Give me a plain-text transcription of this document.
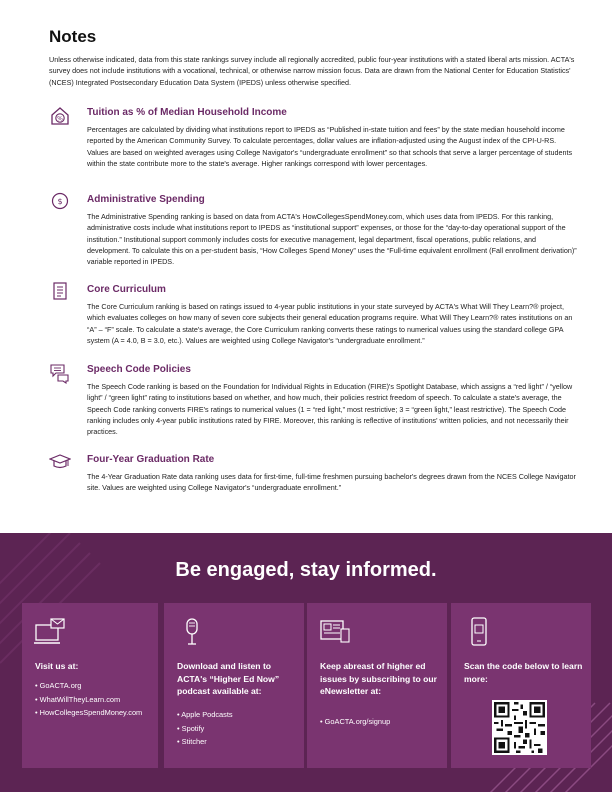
Notes

Unless otherwise indicated, data from this state rankings survey include all regionally accredited, public four-year institutions with a stated liberal arts mission. ACTA's survey does not include institutions with a vocational, technical, or otherwise narrow mission focus. Data are drawn from the National Center for Education Statistics' (NCES) Integrated Postsecondary Education Data System (IPEDS) unless otherwise specified.

%
Tuition as % of Median Household Income

Percentages are calculated by dividing what institutions report to IPEDS as “Published in-state tuition and fees” by the state median household income reported by the American Community Survey. To calculate percentages, dollar values are inflation-adjusted using the August index of the CPI-U-RS. Values are based on weighted averages using College Navigator's “undergraduate enrollment” so that schools that serve a larger percentage of students within the state contribute more to the state's average. Higher rankings correspond with lower percentages.

$ Administrative Spending

The Administrative Spending ranking is based on data from ACTA's HowCollegesSpendMoney.com, which uses data from IPEDS. For this ranking, administrative costs include what institutions report to IPEDS as “institutional support” expenses, or those for the “day-to-day operational support of the institution.” Institutional support commonly includes costs for executive management, legal department, fiscal operations, public relations, and development. To calculate this on a per-student basis, “How Colleges Spend Money” uses the “Full-time equivalent enrollment (Fall enrollment derivation)” variable reported in IPEDS.

Core Curriculum

The Core Curriculum ranking is based on ratings issued to 4-year public institutions in your state surveyed by ACTA's What Will They Learn?® project, which evaluates colleges on how many of seven core subjects their general education programs require. What Will They Learn?® rates institutions on an “A” – “F” scale. To calculate a state's average, the Core Curriculum ranking converts these ratings to numerical values using the standard college GPA system (A = 4.0, B = 3.0, etc.). Values are weighted using College Navigator's “undergraduate enrollment.”

Speech Code Policies

The Speech Code ranking is based on the Foundation for Individual Rights in Education (FIRE)'s Spotlight Database, which assigns a “red light” / “yellow light” / “green light” rating to institutions based on whether, and how much, their policies restrict freedom of speech. To calculate a state's average, the Speech Code ranking converts FIRE's ratings to numerical values (1 = “red light,” most restrictive; 3 = “green light,” least restrictive). The Speech Code ranking includes only 4-year public institutions rated by FIRE. Moreover, this ranking is reflective of institutions' written policies, and not necessarily their practices.

Four-Year Graduation Rate

The 4-Year Graduation Rate data ranking uses data for first-time, full-time freshmen pursuing bachelor's degrees drawn from the NCES College Navigator site. Values are weighted using College Navigator's “undergraduate enrollment.”

Be engaged, stay informed.
Visit us at:
• GoACTA.org
• WhatWillTheyLearn.com
• HowCollegesSpendMoney.com
Download and listen to ACTA's “Higher Ed Now” podcast available at:
• Apple Podcasts
• Spotify
• Stitcher
Keep abreast of higher ed issues by subscribing to our eNewsletter at:
• GoACTA.org/signup
Scan the code below to learn more:
